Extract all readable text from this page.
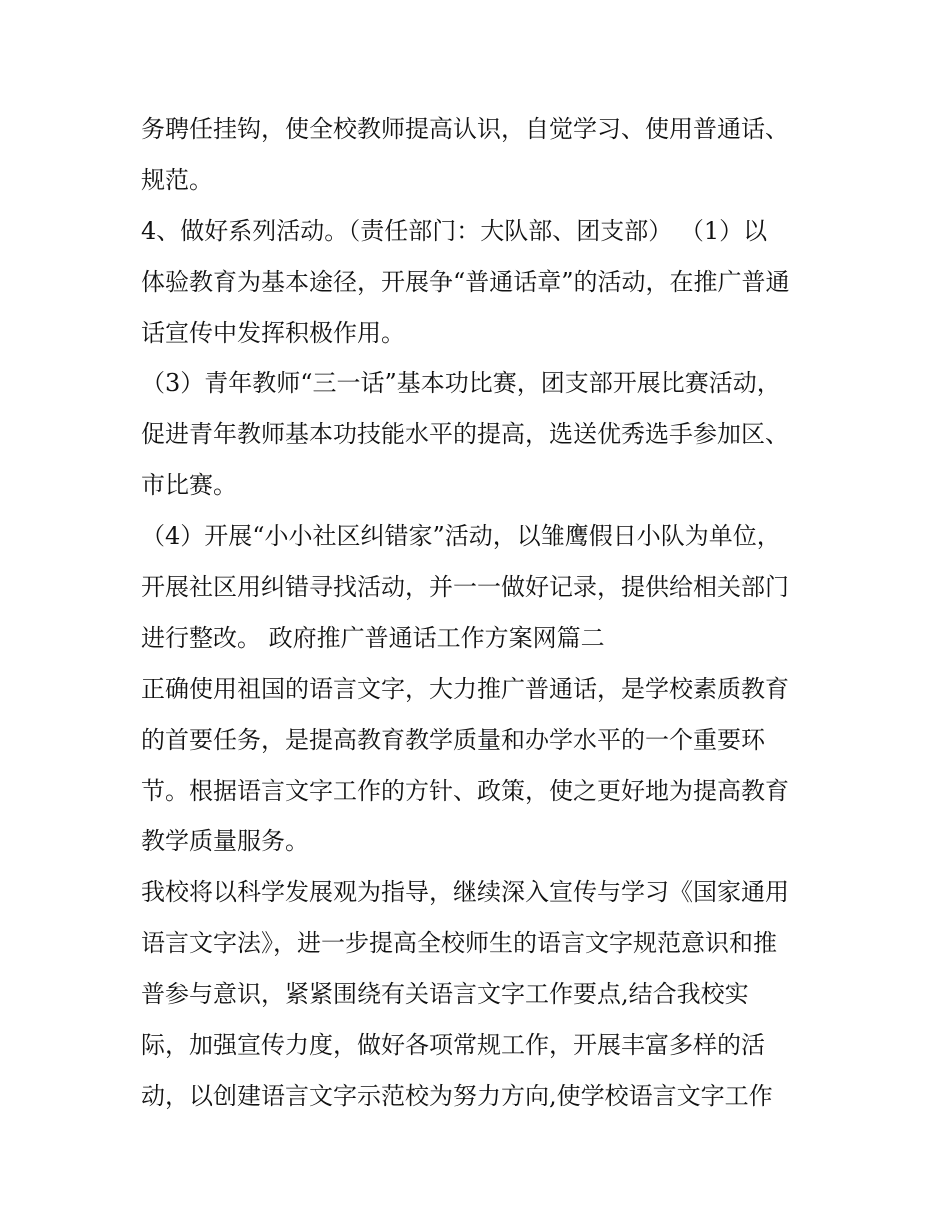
务聘任挂钩，使全校教师提高认识，自觉学习、使用普通话、
规范。
4、做好系列活动。（责任部门：大队部、团支部） （1）以
体验教育为基本途径，开展争“普通话章”的活动，在推广普通
话宣传中发挥积极作用。
（3）青年教师“三一话”基本功比赛，团支部开展比赛活动，
促进青年教师基本功技能水平的提高，选送优秀选手参加区、
市比赛。
（4）开展“小小社区纠错家”活动，以雏鹰假日小队为单位，
开展社区用纠错寻找活动，并一一做好记录，提供给相关部门
进行整改。 政府推广普通话工作方案网篇二
正确使用祖国的语言文字，大力推广普通话，是学校素质教育
的首要任务，是提高教育教学质量和办学水平的一个重要环
节。根据语言文字工作的方针、政策，使之更好地为提高教育
教学质量服务。
我校将以科学发展观为指导，继续深入宣传与学习《国家通用
语言文字法》，进一步提高全校师生的语言文字规范意识和推
普参与意识，紧紧围绕有关语言文字工作要点,结合我校实
际，加强宣传力度，做好各项常规工作，开展丰富多样的活
动，以创建语言文字示范校为努力方向,使学校语言文字工作
